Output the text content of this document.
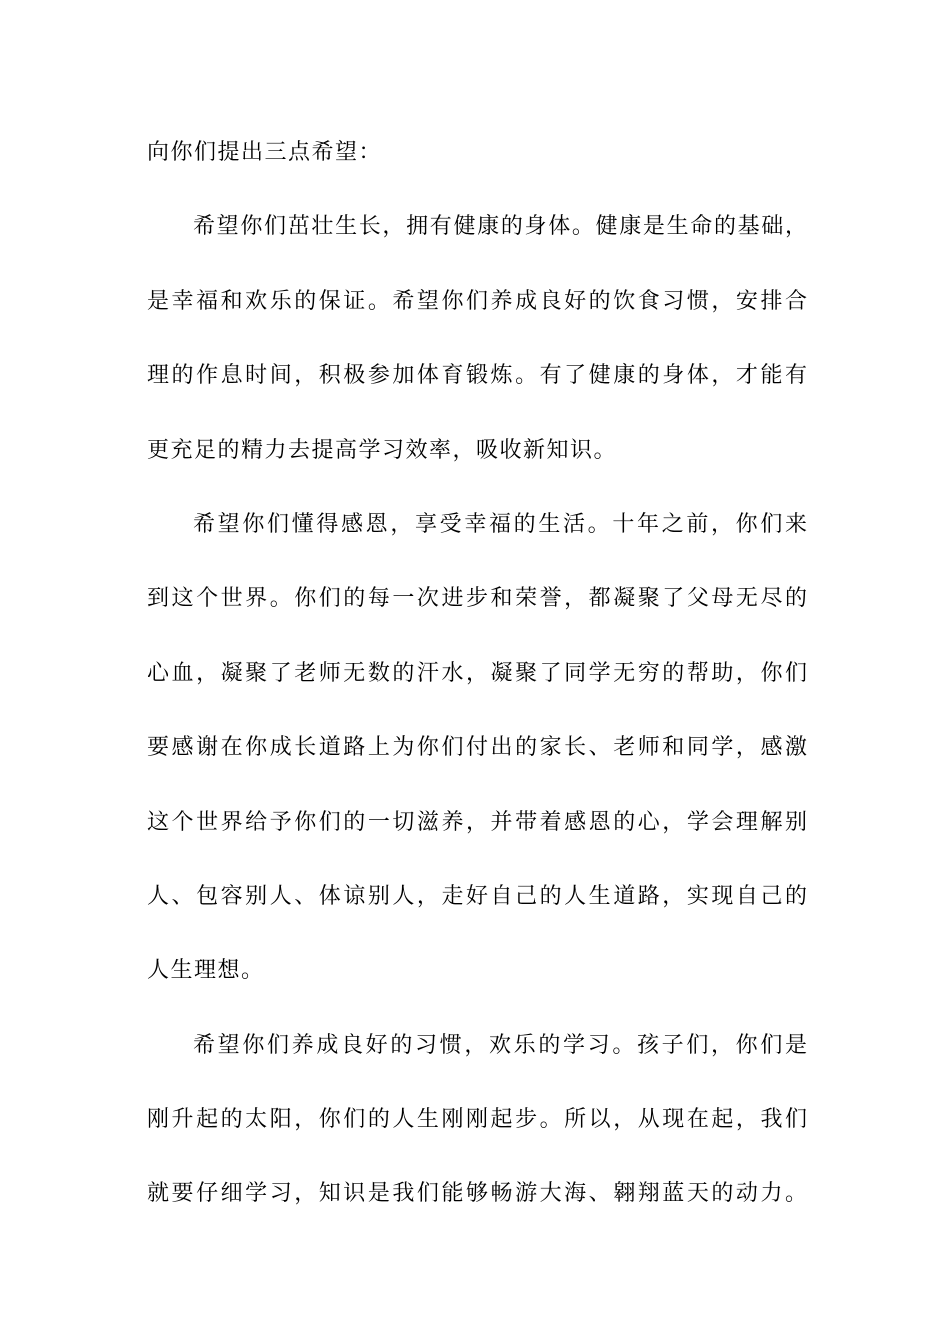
向你们提出三点希望：
希望你们茁壮生长，拥有健康的身体。健康是生命的基础，
是幸福和欢乐的保证。希望你们养成良好的饮食习惯，安排合
理的作息时间，积极参加体育锻炼。有了健康的身体，才能有
更充足的精力去提高学习效率，吸收新知识。
希望你们懂得感恩，享受幸福的生活。十年之前，你们来
到这个世界。你们的每一次进步和荣誉，都凝聚了父母无尽的
心血，凝聚了老师无数的汗水，凝聚了同学无穷的帮助，你们
要感谢在你成长道路上为你们付出的家长、老师和同学，感激
这个世界给予你们的一切滋养，并带着感恩的心，学会理解别
人、包容别人、体谅别人，走好自己的人生道路，实现自己的
人生理想。
希望你们养成良好的习惯，欢乐的学习。孩子们，你们是
刚升起的太阳，你们的人生刚刚起步。所以，从现在起，我们
就要仔细学习，知识是我们能够畅游大海、翱翔蓝天的动力。
